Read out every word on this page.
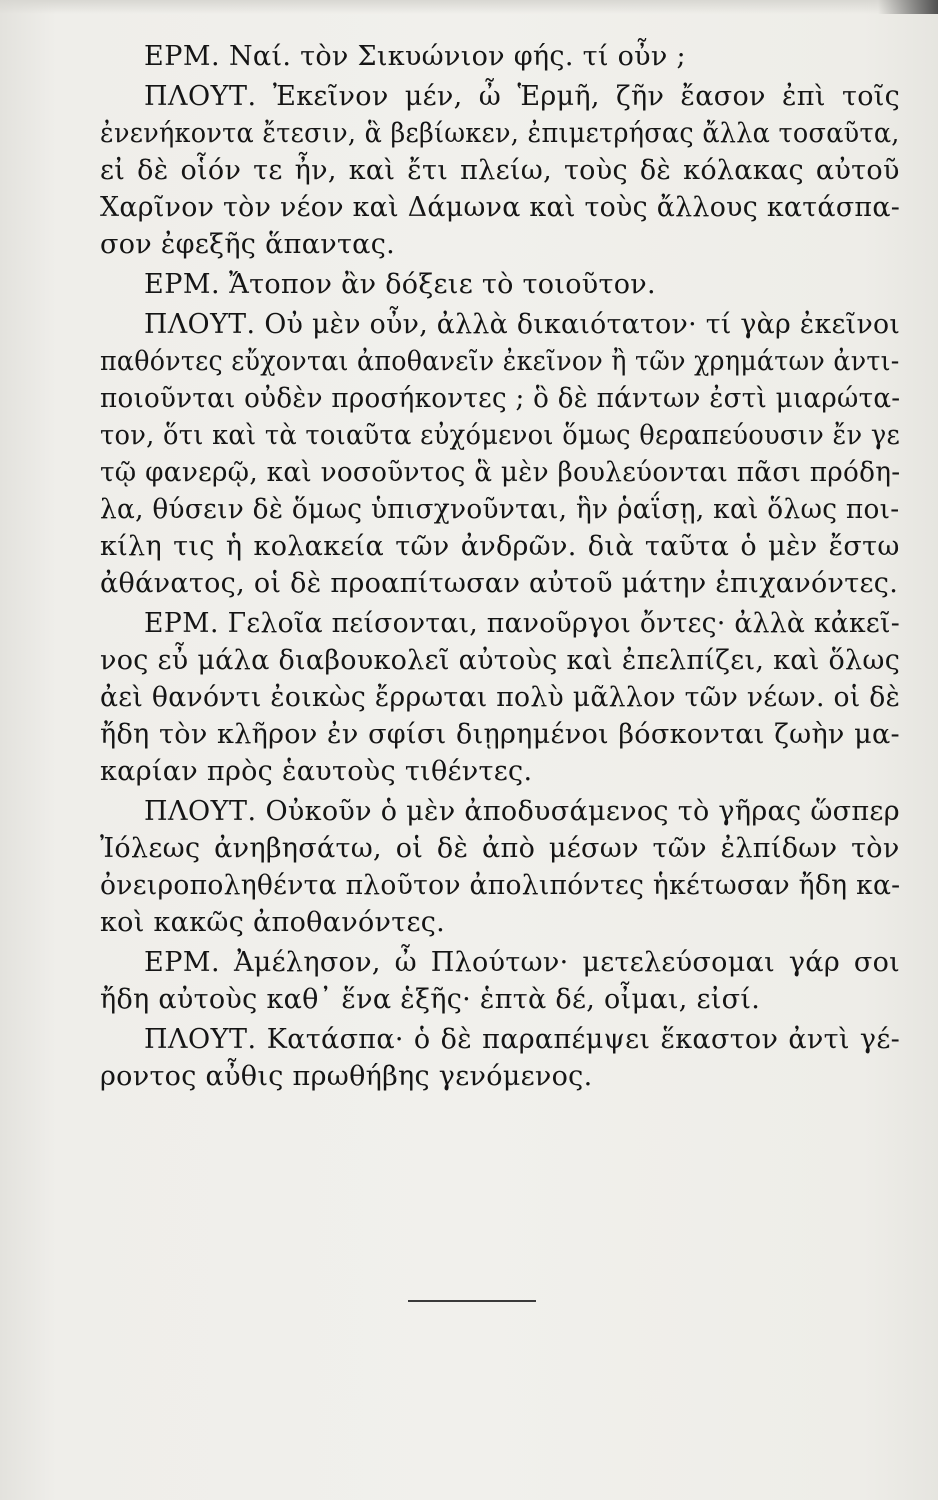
ΕΡΜ. Ναί. τὸν Σικυώνιον φής. τί οὖν ;
ΠΛΟΥΤ. Ἐκεῖνον μέν, ὦ Ἑρμῆ, ζῆν ἔασον ἐπὶ τοῖς
ἐνενήκοντα ἔτεσιν, ἃ βεβίωκεν, ἐπιμετρήσας ἄλλα τοσαῦτα,
εἰ δὲ οἷόν τε ἦν, καὶ ἔτι πλείω, τοὺς δὲ κόλακας αὐτοῦ
Χαρῖνον τὸν νέον καὶ Δάμωνα καὶ τοὺς ἄλλους κατάσπα-
σον ἐφεξῆς ἅπαντας.
ΕΡΜ. Ἄτοπον ἂν δόξειε τὸ τοιοῦτον.
ΠΛΟΥΤ. Οὐ μὲν οὖν, ἀλλὰ δικαιότατον· τί γὰρ ἐκεῖνοι
παθόντες εὔχονται ἀποθανεῖν ἐκεῖνον ἢ τῶν χρημάτων ἀντι-
ποιοῦνται οὐδὲν προσήκοντες ; ὃ δὲ πάντων ἐστὶ μιαρώτα-
τον, ὅτι καὶ τὰ τοιαῦτα εὐχόμενοι ὅμως θεραπεύουσιν ἔν γε
τῷ φανερῷ, καὶ νοσοῦντος ἃ μὲν βουλεύονται πᾶσι πρόδη-
λα, θύσειν δὲ ὅμως ὑπισχνοῦνται, ἣν ῥαΐσῃ, καὶ ὅλως ποι-
κίλη τις ἡ κολακεία τῶν ἀνδρῶν. διὰ ταῦτα ὁ μὲν ἔστω
ἀθάνατος, οἱ δὲ προαπίτωσαν αὐτοῦ μάτην ἐπιχανόντες.
ΕΡΜ. Γελοῖα πείσονται, πανοῦργοι ὄντες· ἀλλὰ κἀκεῖ-
νος εὖ μάλα διαβουκολεῖ αὐτοὺς καὶ ἐπελπίζει, καὶ ὅλως
ἀεὶ θανόντι ἐοικὼς ἔρρωται πολὺ μᾶλλον τῶν νέων. οἱ δὲ
ἤδη τὸν κλῆρον ἐν σφίσι διῃρημένοι βόσκονται ζωὴν μα-
καρίαν πρὸς ἑαυτοὺς τιθέντες.
ΠΛΟΥΤ. Οὐκοῦν ὁ μὲν ἀποδυσάμενος τὸ γῆρας ὥσπερ
Ἰόλεως ἀνηβησάτω, οἱ δὲ ἀπὸ μέσων τῶν ἐλπίδων τὸν
ὀνειροποληθέντα πλοῦτον ἀπολιπόντες ἡκέτωσαν ἤδη κα-
κοὶ κακῶς ἀποθανόντες.
ΕΡΜ. Ἀμέλησον, ὦ Πλούτων· μετελεύσομαι γάρ σοι
ἤδη αὐτοὺς καθ᾽ ἕνα ἑξῆς· ἑπτὰ δέ, οἶμαι, εἰσί.
ΠΛΟΥΤ. Κατάσπα· ὁ δὲ παραπέμψει ἕκαστον ἀντὶ γέ-
ροντος αὖθις πρωθήβης γενόμενος.
